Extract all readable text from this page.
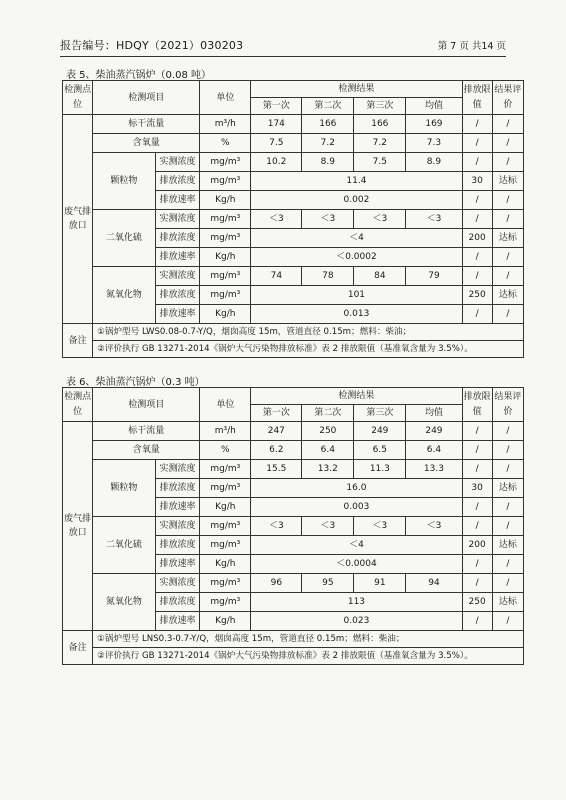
报告编号：HDQY（2021）030203	第 7 页 共14 页
表 5、柴油蒸汽锅炉（0.08 吨）
检测点位	检测项目	单位	检测结果	排放限值	结果评价
第一次	第二次	第三次	均值
废气排放口	标干流量	m³/h	174	166	166	169	/	/
含氧量	%	7.5	7.2	7.2	7.3	/	/
颗粒物	实测浓度	mg/m³	10.2	8.9	7.5	8.9	/	/
排放浓度	mg/m³	11.4	30	达标
排放速率	Kg/h	0.002	/	/
二氧化硫	实测浓度	mg/m³	＜3	＜3	＜3	＜3	/	/
排放浓度	mg/m³	＜4	200	达标
排放速率	Kg/h	＜0.0002	/	/
氮氧化物	实测浓度	mg/m³	74	78	84	79	/	/
排放浓度	mg/m³	101	250	达标
排放速率	Kg/h	0.013	/	/
备注	①锅炉型号 LWS0.08-0.7-Y/Q，烟囱高度 15m，管道直径 0.15m；燃料：柴油；
②评价执行 GB 13271-2014《锅炉大气污染物排放标准》表 2 排放限值（基准氧含量为 3.5%）。
表 6、柴油蒸汽锅炉（0.3 吨）
检测点位	检测项目	单位	检测结果	排放限值	结果评价
第一次	第二次	第三次	均值
废气排放口	标干流量	m³/h	247	250	249	249	/	/
含氧量	%	6.2	6.4	6.5	6.4	/	/
颗粒物	实测浓度	mg/m³	15.5	13.2	11.3	13.3	/	/
排放浓度	mg/m³	16.0	30	达标
排放速率	Kg/h	0.003	/	/
二氧化硫	实测浓度	mg/m³	＜3	＜3	＜3	＜3	/	/
排放浓度	mg/m³	＜4	200	达标
排放速率	Kg/h	＜0.0004	/	/
氮氧化物	实测浓度	mg/m³	96	95	91	94	/	/
排放浓度	mg/m³	113	250	达标
排放速率	Kg/h	0.023	/	/
备注	①锅炉型号 LNS0.3-0.7-Y/Q，烟囱高度 15m，管道直径 0.15m；燃料：柴油；
②评价执行 GB 13271-2014《锅炉大气污染物排放标准》表 2 排放限值（基准氧含量为 3.5%）。
